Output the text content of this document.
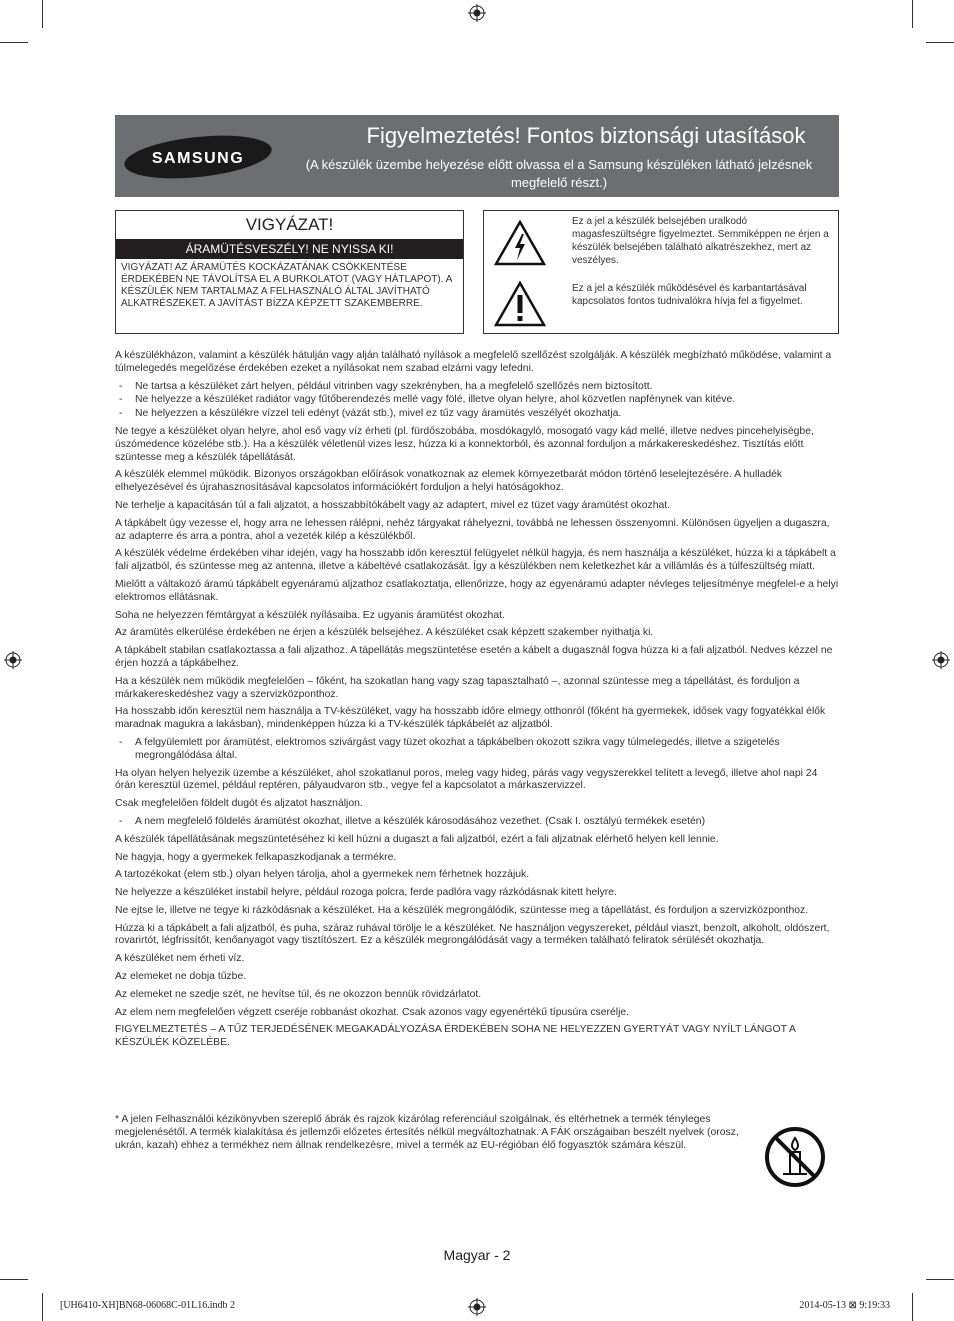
SAMSUNG
Figyelmeztetés! Fontos biztonsági utasítások
(A készülék üzembe helyezése előtt olvassa el a Samsung készüléken látható jelzésnek megfelelő részt.)
VIGYÁZAT!
ÁRAMÜTÉSVESZÉLY! NE NYISSA KI!
VIGYÁZAT! AZ ÁRAMÜTÉS KOCKÁZATÁNAK CSÖKKENTÉSE ÉRDEKÉBEN NE TÁVOLÍTSA EL A BURKOLATOT (VAGY HÁTLAPOT). A KÉSZÜLÉK NEM TARTALMAZ A FELHASZNÁLÓ ÁLTAL JAVÍTHATÓ ALKATRÉSZEKET. A JAVÍTÁST BÍZZA KÉPZETT SZAKEMBERRE.
Ez a jel a készülék belsejében uralkodó magasfeszültségre figyelmeztet. Semmiképpen ne érjen a készülék belsejében található alkatrészekhez, mert az veszélyes.
Ez a jel a készülék működésével és karbantartásával kapcsolatos fontos tudnivalókra hívja fel a figyelmet.

A készülékházon, valamint a készülék hátulján vagy alján található nyílások a megfelelő szellőzést szolgálják. A készülék megbízható működése, valamint a túlmelegedés megelőzése érdekében ezeket a nyílásokat nem szabad elzárni vagy lefedni.

- Ne tartsa a készüléket zárt helyen, például vitrinben vagy szekrényben, ha a megfelelő szellőzés nem biztosított.

- Ne helyezze a készüléket radiátor vagy fűtőberendezés mellé vagy fölé, illetve olyan helyre, ahol közvetlen napfénynek van kitéve.

- Ne helyezzen a készülékre vízzel teli edényt (vázát stb.), mivel ez tűz vagy áramütés veszélyét okozhatja.

Ne tegye a készüléket olyan helyre, ahol eső vagy víz érheti (pl. fürdőszobába, mosdókagyló, mosogató vagy kád mellé, illetve nedves pincehelyiségbe, úszómedence közelébe stb.). Ha a készülék véletlenül vizes lesz, húzza ki a konnektorból, és azonnal forduljon a márkakereskedéshez. Tisztítás előtt szüntesse meg a készülék tápellátását.

A készülék elemmel működik. Bizonyos országokban előírások vonatkoznak az elemek környezetbarát módon történő leselejtezésére. A hulladék elhelyezésével és újrahasznosításával kapcsolatos információkért forduljon a helyi hatóságokhoz.

Ne terhelje a kapacitásán túl a fali aljzatot, a hosszabbítókábelt vagy az adaptert, mivel ez tüzet vagy áramütést okozhat.

A tápkábelt úgy vezesse el, hogy arra ne lehessen rálépni, nehéz tárgyakat ráhelyezni, továbbá ne lehessen összenyomni. Különösen ügyeljen a dugaszra, az adapterre és arra a pontra, ahol a vezeték kilép a készülékből.

A készülék védelme érdekében vihar idején, vagy ha hosszabb időn keresztül felügyelet nélkül hagyja, és nem használja a készüléket, húzza ki a tápkábelt a fali aljzatból, és szüntesse meg az antenna, illetve a kábeltévé csatlakozását. Így a készülékben nem keletkezhet kár a villámlás és a túlfeszültség miatt.

Mielőtt a váltakozó áramú tápkábelt egyenáramú aljzathoz csatlakoztatja, ellenőrizze, hogy az egyenáramú adapter névleges teljesítménye megfelel-e a helyi elektromos ellátásnak.

Soha ne helyezzen fémtárgyat a készülék nyílásaiba. Ez ugyanis áramütést okozhat.

Az áramütés elkerülése érdekében ne érjen a készülék belsejéhez. A készüléket csak képzett szakember nyithatja ki.

A tápkábelt stabilan csatlakoztassa a fali aljzathoz. A tápellátás megszüntetése esetén a kábelt a dugasznál fogva húzza ki a fali aljzatból. Nedves kézzel ne érjen hozzá a tápkábelhez.

Ha a készülék nem működik megfelelően – főként, ha szokatlan hang vagy szag tapasztalható –, azonnal szüntesse meg a tápellátást, és forduljon a márkakereskedéshez vagy a szervizközponthoz.

Ha hosszabb időn keresztül nem használja a TV-készüléket, vagy ha hosszabb időre elmegy otthonról (főként ha gyermekek, idősek vagy fogyatékkal élők maradnak magukra a lakásban), mindenképpen húzza ki a TV-készülék tápkábelét az aljzatból.

- A felgyülemlett por áramütést, elektromos szivárgást vagy tüzet okozhat a tápkábelben okozott szikra vagy túlmelegedés, illetve a szigetelés megrongálódása által.

Ha olyan helyen helyezik üzembe a készüléket, ahol szokatlanul poros, meleg vagy hideg, párás vagy vegyszerekkel telített a levegő, illetve ahol napi 24 órán keresztül üzemel, például reptéren, pályaudvaron stb., vegye fel a kapcsolatot a márkaszervizzel.

Csak megfelelően földelt dugót és aljzatot használjon.

- A nem megfelelő földelés áramütést okozhat, illetve a készülék károsodásához vezethet. (Csak I. osztályú termékek esetén)

A készülék tápellátásának megszüntetéséhez ki kell húzni a dugaszt a fali aljzatból, ezért a fali aljzatnak elérhető helyen kell lennie.

Ne hagyja, hogy a gyermekek felkapaszkodjanak a termékre.

A tartozékokat (elem stb.) olyan helyen tárolja, ahol a gyermekek nem férhetnek hozzájuk.

Ne helyezze a készüléket instabil helyre, például rozoga polcra, ferde padlóra vagy rázkódásnak kitett helyre.

Ne ejtse le, illetve ne tegye ki rázkódásnak a készüléket. Ha a készülék megrongálódik, szüntesse meg a tápellátást, és forduljon a szervizközponthoz.

Húzza ki a tápkábelt a fali aljzatból, és puha, száraz ruhával törölje le a készüléket. Ne használjon vegyszereket, például viaszt, benzolt, alkoholt, oldószert, rovarirtót, légfrissítőt, kenőanyagot vagy tisztítószert. Ez a készülék megrongálódását vagy a terméken található feliratok sérülését okozhatja.

A készüléket nem érheti víz.

Az elemeket ne dobja tűzbe.

Az elemeket ne szedje szét, ne hevítse túl, és ne okozzon bennük rövidzárlatot.

Az elem nem megfelelően végzett cseréje robbanást okozhat. Csak azonos vagy egyenértékű típusúra cserélje.

FIGYELMEZTETÉS – A TŰZ TERJEDÉSÉNEK MEGAKADÁLYOZÁSA ÉRDEKÉBEN SOHA NE HELYEZZEN GYERTYÁT VAGY NYÍLT LÁNGOT A KÉSZÜLÉK KÖZELÉBE.

* A jelen Felhasználói kézikönyvben szereplő ábrák és rajzok kizárólag referenciául szolgálnak, és eltérhetnek a termék tényleges megjelenésétől. A termék kialakítása és jellemzői előzetes értesítés nélkül megváltozhatnak. A FÁK országaiban beszélt nyelvek (orosz, ukrán, kazah) ehhez a termékhez nem állnak rendelkezésre, mivel a termék az EU-régióban élő fogyasztók számára készül.
Magyar - 2
[UH6410-XH]BN68-06068C-01L16.indb 2	2014-05-13 ⊠ 9:19:33
